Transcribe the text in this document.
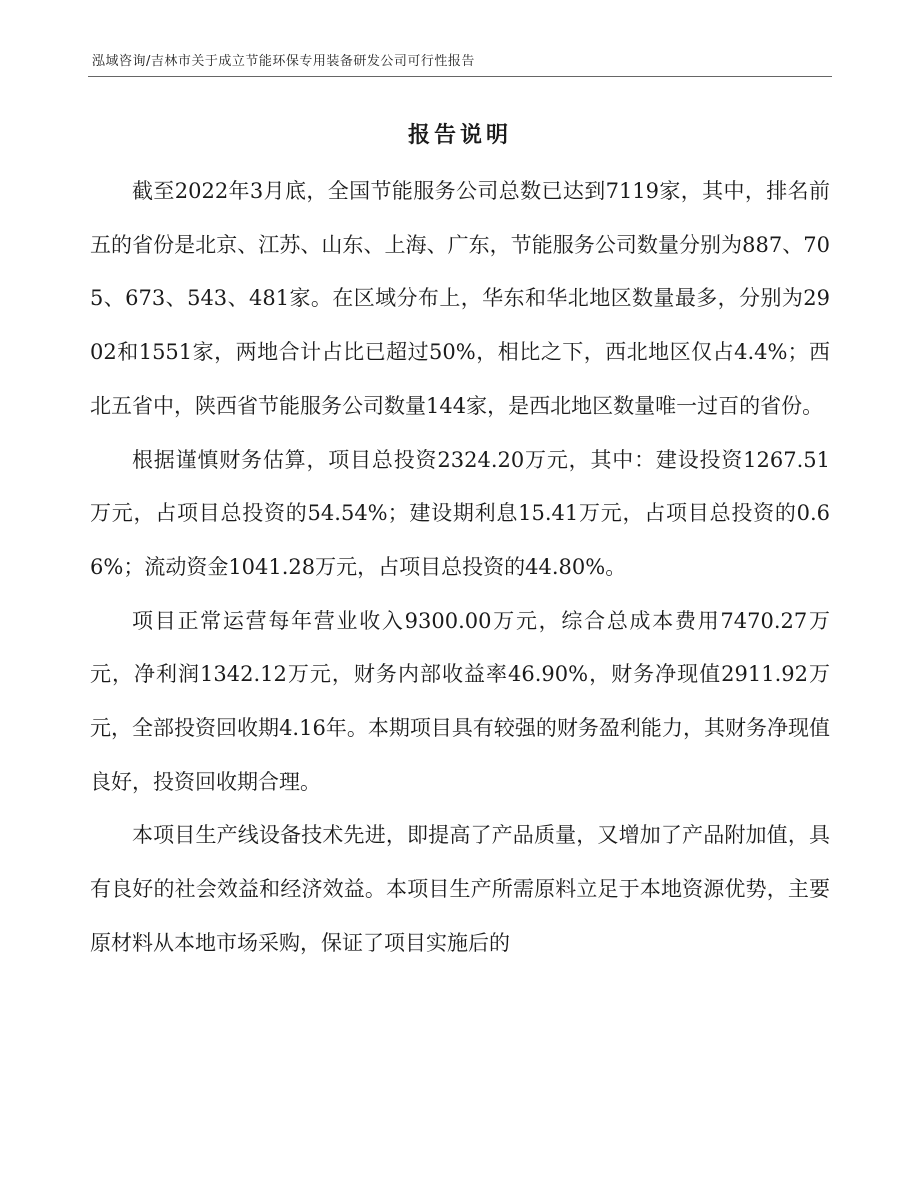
泓域咨询/吉林市关于成立节能环保专用装备研发公司可行性报告
报告说明

截至2022年3月底，全国节能服务公司总数已达到7119家，其中，排名前五的省份是北京、江苏、山东、上海、广东，节能服务公司数量分别为887、705、673、543、481家。在区域分布上，华东和华北地区数量最多，分别为2902和1551家，两地合计占比已超过50%，相比之下，西北地区仅占4.4%；西北五省中，陕西省节能服务公司数量144家，是西北地区数量唯一过百的省份。

根据谨慎财务估算，项目总投资2324.20万元，其中：建设投资1267.51万元，占项目总投资的54.54%；建设期利息15.41万元，占项目总投资的0.66%；流动资金1041.28万元，占项目总投资的44.80%。

项目正常运营每年营业收入9300.00万元，综合总成本费用7470.27万元，净利润1342.12万元，财务内部收益率46.90%，财务净现值2911.92万元，全部投资回收期4.16年。本期项目具有较强的财务盈利能力，其财务净现值良好，投资回收期合理。

本项目生产线设备技术先进，即提高了产品质量，又增加了产品附加值，具有良好的社会效益和经济效益。本项目生产所需原料立足于本地资源优势，主要原材料从本地市场采购，保证了项目实施后的
